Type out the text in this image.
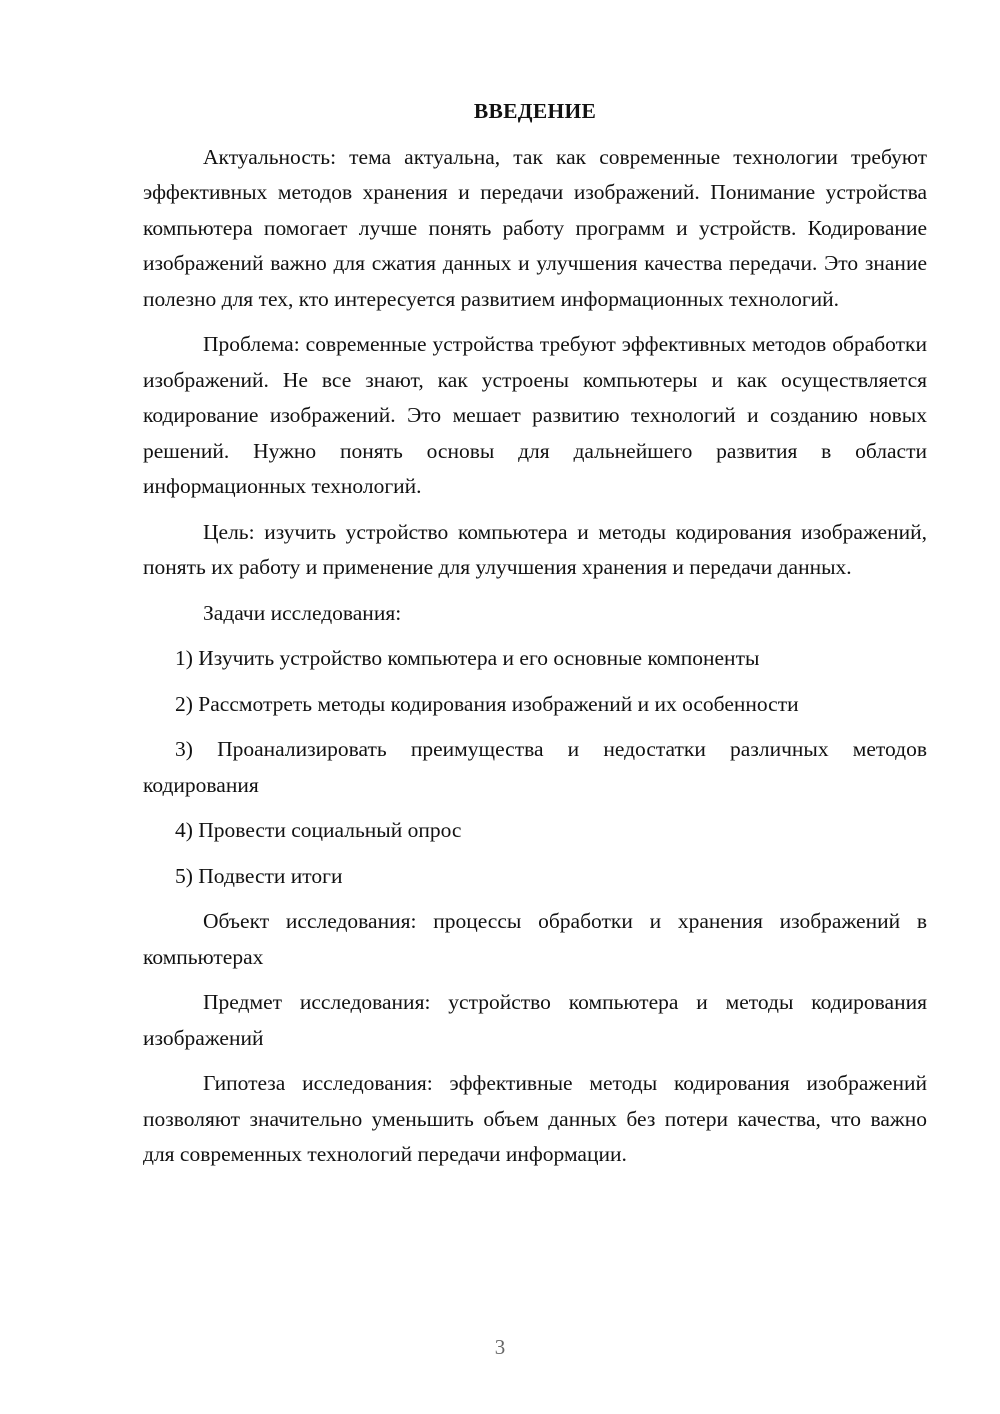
ВВЕДЕНИЕ

Актуальность: тема актуальна, так как современные технологии требуют эффективных методов хранения и передачи изображений. Понимание устройства компьютера помогает лучше понять работу программ и устройств. Кодирование изображений важно для сжатия данных и улучшения качества передачи. Это знание полезно для тех, кто интересуется развитием информационных технологий.

Проблема: современные устройства требуют эффективных методов обработки изображений. Не все знают, как устроены компьютеры и как осуществляется кодирование изображений. Это мешает развитию технологий и созданию новых решений. Нужно понять основы для дальнейшего развития в области информационных технологий.

Цель: изучить устройство компьютера и методы кодирования изображений, понять их работу и применение для улучшения хранения и передачи данных.

Задачи исследования:

1) Изучить устройство компьютера и его основные компоненты

2) Рассмотреть методы кодирования изображений и их особенности

3) Проанализировать преимущества и недостатки различных методов кодирования

4) Провести социальный опрос

5) Подвести итоги

Объект исследования: процессы обработки и хранения изображений в компьютерах

Предмет исследования: устройство компьютера и методы кодирования изображений

Гипотеза исследования: эффективные методы кодирования изображений позволяют значительно уменьшить объем данных без потери качества, что важно для современных технологий передачи информации.

3
